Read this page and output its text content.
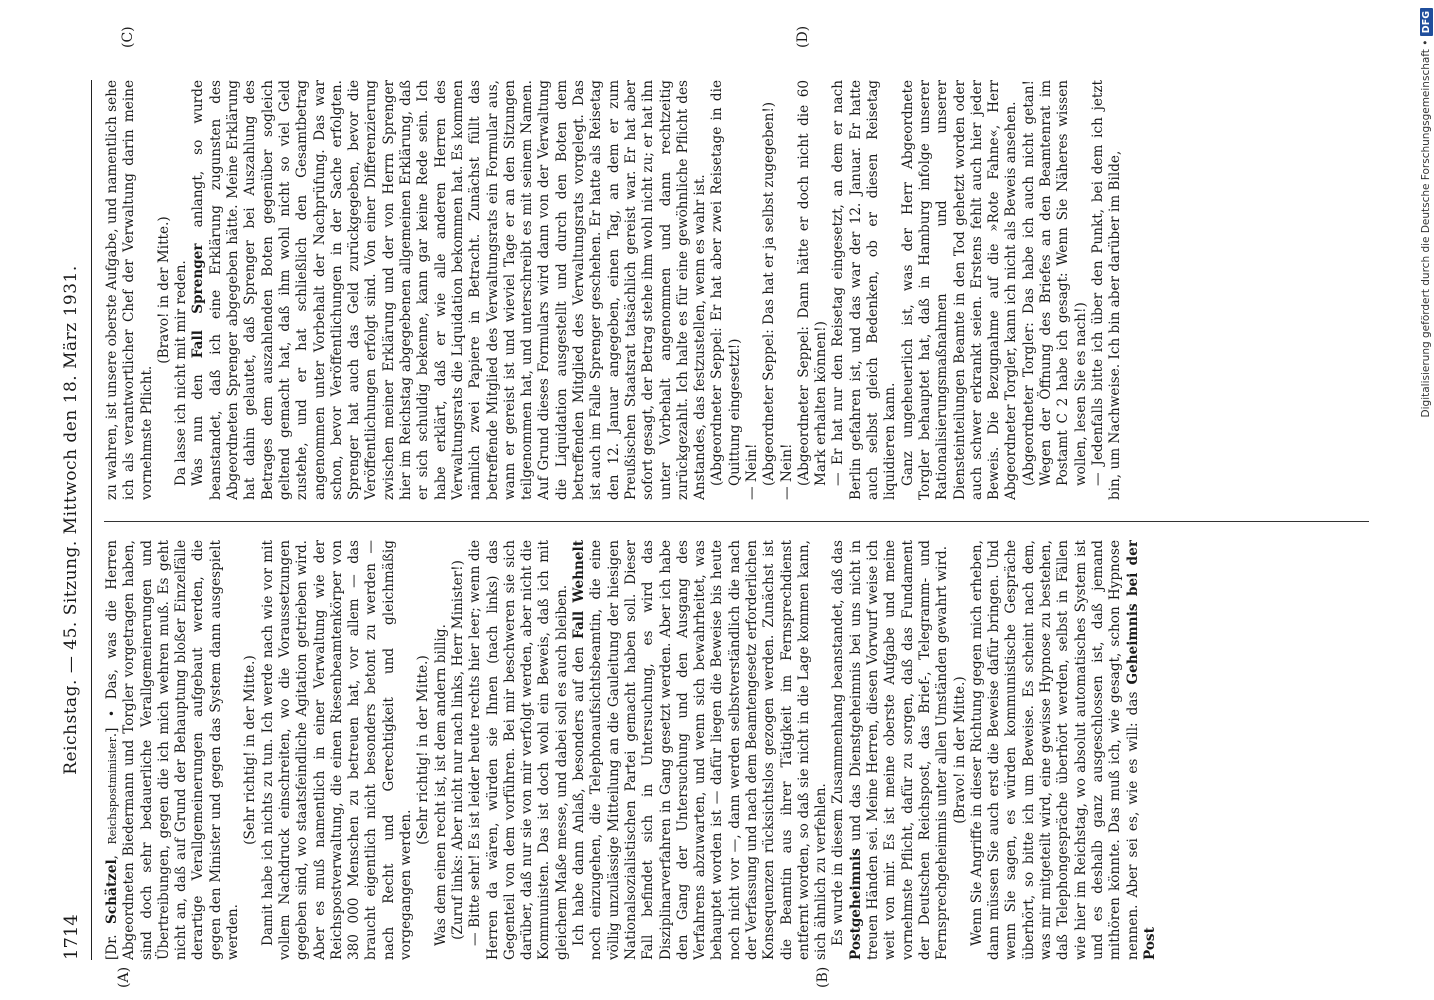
1714
Reichstag. — 45. Sitzung. Mittwoch den 18. März 1931.
(A)	(B)
(C)	(D)

[Dr. Schätzel, Reichspostminister.] • Das, was die Herren Abgeordneten Biedermann und Torgler vorgetragen haben, sind doch sehr bedauerliche Verallgemeinerungen und Übertreibungen, gegen die ich mich wehren muß. Es geht nicht an, daß auf Grund der Behauptung bloßer Einzelfälle derartige Verallgemeinerungen aufgebaut werden, die gegen den Minister und gegen das System dann ausgespielt werden.

(Sehr richtig! in der Mitte.) Damit habe ich nichts zu tun. Ich werde nach wie vor mit vollem Nachdruck einschreiten, wo die Voraussetzungen gegeben sind, wo staatsfeindliche Agitation getrieben wird. Aber es muß namentlich in einer Verwaltung wie der Reichspostverwaltung, die einen Riesenbeamtenkörper von 380 000 Menschen zu betreuen hat, vor allem — das braucht eigentlich nicht besonders betont zu werden — nach Recht und Gerechtigkeit und gleichmäßig vorgegangen werden.

(Sehr richtig! in der Mitte.) Was dem einen recht ist, ist dem andern billig. (Zuruf links: Aber nicht nur nach links, Herr Minister!) — Bitte sehr! Es ist leider heute rechts hier leer; wenn die Herren da wären, würden sie Ihnen (nach links) das Gegenteil von dem vorführen. Bei mir beschweren sie sich darüber, daß nur sie von mir verfolgt werden, aber nicht die Kommunisten. Das ist doch wohl ein Beweis, daß ich mit gleichem Maße messe, und dabei soll es auch bleiben. Ich habe dann Anlaß, besonders auf den Fall Wehnelt noch einzugehen, die Telephonaufsichtsbeamtin, die eine völlig unzulässige Mitteilung an die Gauleitung der hiesigen Nationalsozialistischen Partei gemacht haben soll. Dieser Fall befindet sich in Untersuchung, es wird das Disziplinarverfahren in Gang gesetzt werden. Aber ich habe den Gang der Untersuchung und den Ausgang des Verfahrens abzuwarten, und wenn sich bewahrheitet, was behauptet worden ist — dafür liegen die Beweise bis heute noch nicht vor —, dann werden selbstverständlich die nach der Verfassung und nach dem Beamtengesetz erforderlichen Konsequenzen rücksichtslos gezogen werden. Zunächst ist die Beamtin aus ihrer Tätigkeit im Fernsprechdienst entfernt worden, so daß sie nicht in die Lage kommen kann, sich ähnlich zu verfehlen. Es wurde in diesem Zusammenhang beanstandet, daß das Postgeheimnis und das Dienstgeheimnis bei uns nicht in treuen Händen sei. Meine Herren, diesen Vorwurf weise ich weit von mir. Es ist meine oberste Aufgabe und meine vornehmste Pflicht, dafür zu sorgen, daß das Fundament der Deutschen Reichspost, das Brief-, Telegramm- und Fernsprechgeheimnis unter allen Umständen gewahrt wird. (Bravo! in der Mitte.) Wenn Sie Angriffe in dieser Richtung gegen mich erheben, dann müssen Sie auch erst die Beweise dafür bringen. Und wenn Sie sagen, es würden kommunistische Gespräche überhört, so bitte ich um Beweise. Es scheint nach dem, was mir mitgeteilt wird, eine gewisse Hypnose zu bestehen, daß Telephongespräche überhört werden, selbst in Fällen wie hier im Reichstag, wo absolut automatisches System ist und es deshalb ganz ausgeschlossen ist, daß jemand mithören könnte. Das muß ich, wie gesagt, schon Hypnose nennen. Aber sei es, wie es will: das Geheimnis bei der Post

zu wahren, ist unsere oberste Aufgabe, und namentlich sehe ich als verantwortlicher Chef der Verwaltung darin meine vornehmste Pflicht.

(Bravo! in der Mitte.) Da lasse ich nicht mit mir reden. Was nun den Fall Sprenger anlangt, so wurde beanstandet, daß ich eine Erklärung zugunsten des Abgeordneten Sprenger abgegeben hätte. Meine Erklärung hat dahin gelautet, daß Sprenger bei Auszahlung des Betrages dem auszahlenden Boten gegenüber sogleich geltend gemacht hat, daß ihm wohl nicht so viel Geld zustehe, und er hat schließlich den Gesamtbetrag angenommen unter Vorbehalt der Nachprüfung. Das war schon, bevor Veröffentlichungen in der Sache erfolgten. Sprenger hat auch das Geld zurückgegeben, bevor die Veröffentlichungen erfolgt sind. Von einer Differenzierung zwischen meiner Erklärung und der von Herrn Sprenger hier im Reichstag abgegebenen allgemeinen Erklärung, daß er sich schuldig bekenne, kann gar keine Rede sein. Ich habe erklärt, daß er wie alle anderen Herren des Verwaltungsrats die Liquidation bekommen hat. Es kommen nämlich zwei Papiere in Betracht. Zunächst füllt das betreffende Mitglied des Verwaltungsrats ein Formular aus, wann er gereist ist und wieviel Tage er an den Sitzungen teilgenommen hat, und unterschreibt es mit seinem Namen. Auf Grund dieses Formulars wird dann von der Verwaltung die Liquidation ausgestellt und durch den Boten dem betreffenden Mitglied des Verwaltungsrats vorgelegt. Das ist auch im Falle Sprenger geschehen. Er hatte als Reisetag den 12. Januar angegeben, einen Tag, an dem er zum Preußischen Staatsrat tatsächlich gereist war. Er hat aber sofort gesagt, der Betrag stehe ihm wohl nicht zu; er hat ihn unter Vorbehalt angenommen und dann rechtzeitig zurückgezahlt. Ich halte es für eine gewöhnliche Pflicht des Anstandes, das festzustellen, wenn es wahr ist. (Abgeordneter Seppel: Er hat aber zwei Reisetage in die Quittung eingesetzt!) — Nein! (Abgeordneter Seppel: Das hat er ja selbst zugegeben!) — Nein! (Abgeordneter Seppel: Dann hätte er doch nicht die 60 Mark erhalten können!) — Er hat nur den Reisetag eingesetzt, an dem er nach Berlin gefahren ist, und das war der 12. Januar. Er hatte auch selbst gleich Bedenken, ob er diesen Reisetag liquidieren kann. Ganz ungeheuerlich ist, was der Herr Abgeordnete Torgler behauptet hat, daß in Hamburg infolge unserer Rationalisierungsmaßnahmen und unserer Diensteinteilungen Beamte in den Tod gehetzt worden oder auch schwer erkrankt seien. Erstens fehlt auch hier jeder Beweis. Die Bezugnahme auf die »Rote Fahne«, Herr Abgeordneter Torgler, kann ich nicht als Beweis ansehen. (Abgeordneter Torgler: Das habe ich auch nicht getan! Wegen der Öffnung des Briefes an den Beamtenrat im Postamt C 2 habe ich gesagt: Wenn Sie Näheres wissen wollen, lesen Sie es nach!) — Jedenfalls bitte ich über den Punkt, bei dem ich jetzt bin, um Nachweise. Ich bin aber darüber im Bilde,	Digitalisierung gefördert durch die Deutsche Forschungsgemeinschaft • DFG
